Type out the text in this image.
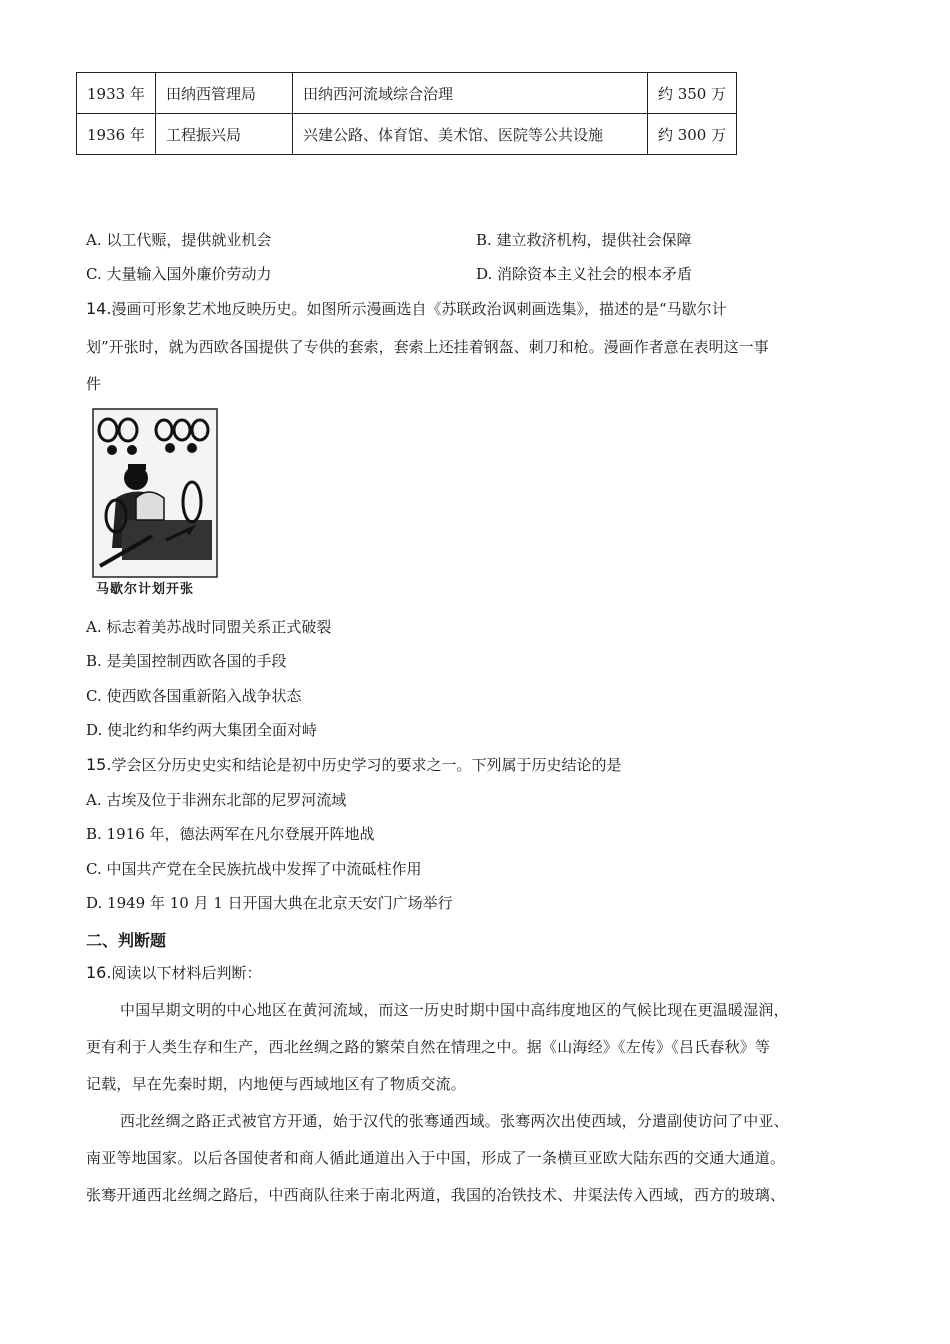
1933 年	田纳西管理局	田纳西河流域综合治理	约 350 万
1936 年	工程振兴局	兴建公路、体育馆、美术馆、医院等公共设施	约 300 万
A. 以工代赈，提供就业机会	B. 建立救济机构，提供社会保障
C. 大量输入国外廉价劳动力	D. 消除资本主义社会的根本矛盾
14.漫画可形象艺术地反映历史。如图所示漫画选自《苏联政治讽刺画选集》，描述的是“马歇尔计
划”开张时，就为西欧各国提供了专供的套索，套索上还挂着钢盔、刺刀和枪。漫画作者意在表明这一事
件
马歇尔计划开张
A. 标志着美苏战时同盟关系正式破裂
B. 是美国控制西欧各国的手段
C. 使西欧各国重新陷入战争状态
D. 使北约和华约两大集团全面对峙
15.学会区分历史史实和结论是初中历史学习的要求之一。下列属于历史结论的是
A. 古埃及位于非洲东北部的尼罗河流域
B. 1916 年，德法两军在凡尔登展开阵地战
C. 中国共产党在全民族抗战中发挥了中流砥柱作用
D. 1949 年 10 月 1 日开国大典在北京天安门广场举行
二、判断题
16.阅读以下材料后判断：
中国早期文明的中心地区在黄河流域，而这一历史时期中国中高纬度地区的气候比现在更温暖湿润，
更有利于人类生存和生产，西北丝绸之路的繁荣自然在情理之中。据《山海经》《左传》《吕氏春秋》等
记载，早在先秦时期，内地便与西域地区有了物质交流。
西北丝绸之路正式被官方开通，始于汉代的张骞通西域。张骞两次出使西域，分遣副使访问了中亚、
南亚等地国家。以后各国使者和商人循此通道出入于中国，形成了一条横亘亚欧大陆东西的交通大通道。
张骞开通西北丝绸之路后，中西商队往来于南北两道，我国的冶铁技术、井渠法传入西域，西方的玻璃、
